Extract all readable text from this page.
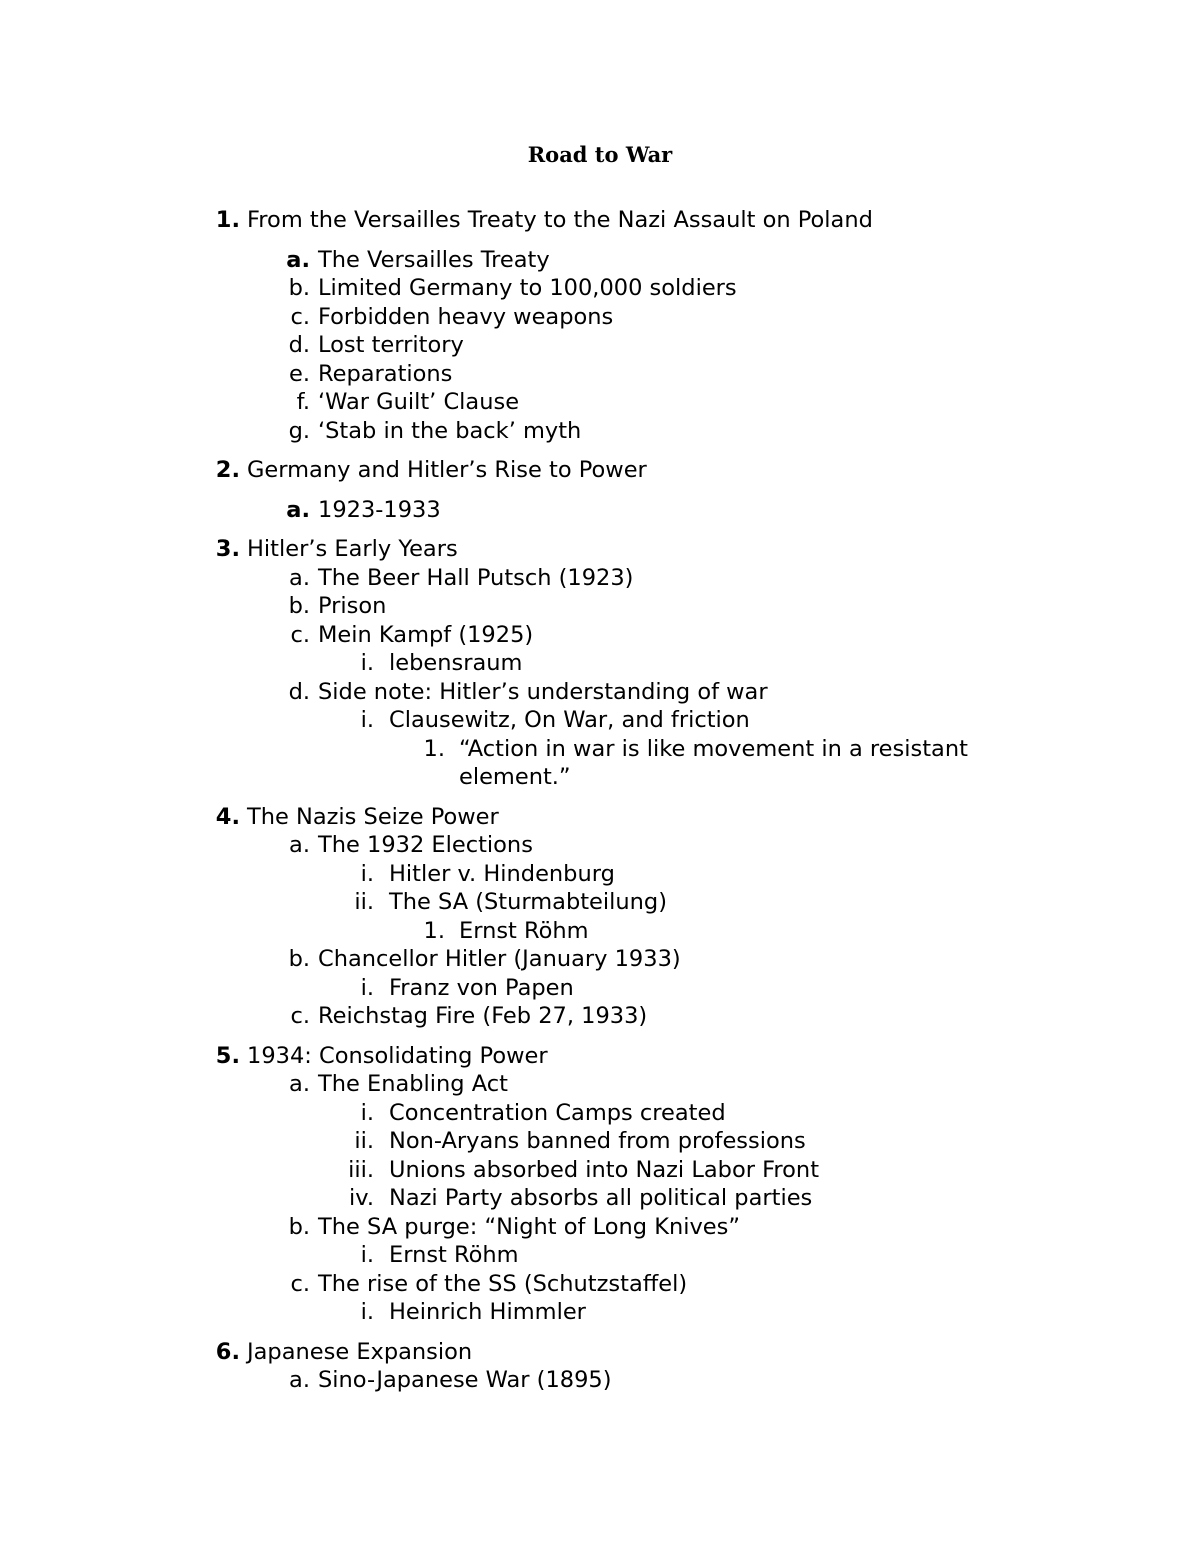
Road to War
1. From the Versailles Treaty to the Nazi Assault on Poland
a. The Versailles Treaty
b. Limited Germany to 100,000 soldiers
c. Forbidden heavy weapons
d. Lost territory
e. Reparations
f. ‘War Guilt’ Clause
g. ‘Stab in the back’ myth
2. Germany and Hitler’s Rise to Power
a. 1923-1933
3. Hitler’s Early Years
a. The Beer Hall Putsch (1923)
b. Prison
c. Mein Kampf (1925)
i. lebensraum
d. Side note: Hitler’s understanding of war
i. Clausewitz, On War, and friction
1. “Action in war is like movement in a resistant element.”
4. The Nazis Seize Power
a. The 1932 Elections
i. Hitler v. Hindenburg
ii. The SA (Sturmabteilung)
1. Ernst Röhm
b. Chancellor Hitler (January 1933)
i. Franz von Papen
c. Reichstag Fire (Feb 27, 1933)
5. 1934: Consolidating Power
a. The Enabling Act
i. Concentration Camps created
ii. Non-Aryans banned from professions
iii. Unions absorbed into Nazi Labor Front
iv. Nazi Party absorbs all political parties
b. The SA purge: “Night of Long Knives”
i. Ernst Röhm
c. The rise of the SS (Schutzstaffel)
i. Heinrich Himmler
6. Japanese Expansion
a. Sino-Japanese War (1895)
